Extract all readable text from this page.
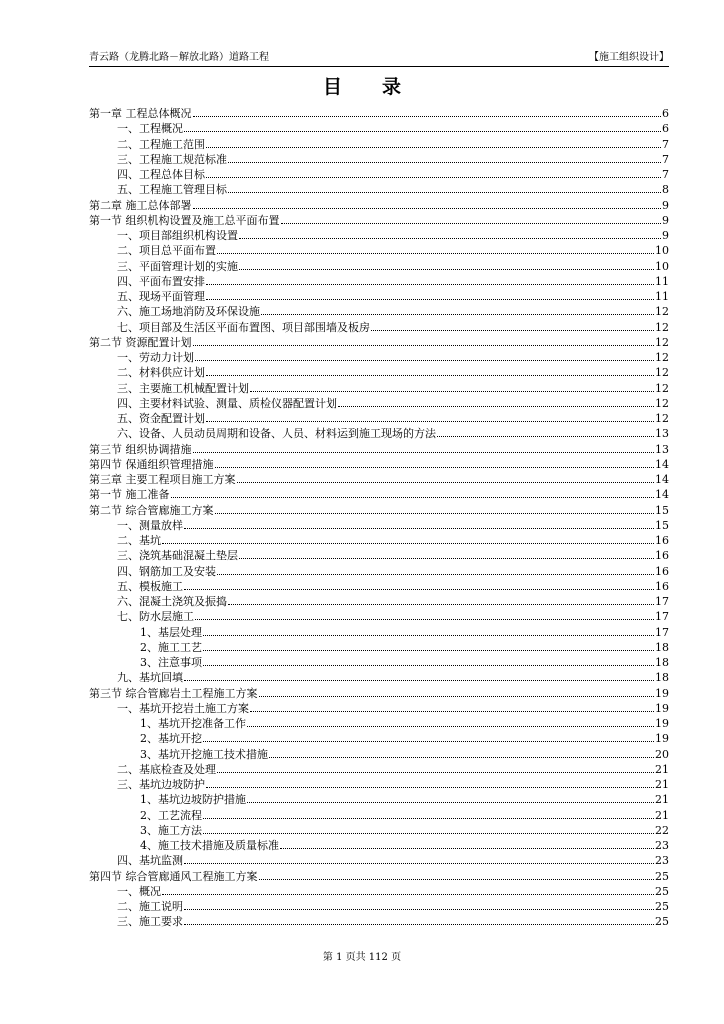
青云路（龙腾北路－解放北路）道路工程	【施工组织设计】
目录
第一章 工程总体概况	6
一、工程概况	6
二、工程施工范围	7
三、工程施工规范标准	7
四、工程总体目标	7
五、工程施工管理目标	8
第二章 施工总体部署	9
第一节 组织机构设置及施工总平面布置	9
一、项目部组织机构设置	9
二、项目总平面布置	10
三、平面管理计划的实施	10
四、平面布置安排	11
五、现场平面管理	11
六、施工场地消防及环保设施	12
七、项目部及生活区平面布置图、项目部围墙及板房	12
第二节 资源配置计划	12
一、劳动力计划	12
二、材料供应计划	12
三、主要施工机械配置计划	12
四、主要材料试验、测量、质检仪器配置计划	12
五、资金配置计划	12
六、设备、人员动员周期和设备、人员、材料运到施工现场的方法	13
第三节 组织协调措施	13
第四节 保通组织管理措施	14
第三章 主要工程项目施工方案	14
第一节 施工准备	14
第二节 综合管廊施工方案	15
一、测量放样	15
二、基坑	16
三、浇筑基础混凝土垫层	16
四、钢筋加工及安装	16
五、模板施工	16
六、混凝土浇筑及振捣	17
七、防水层施工	17
1、基层处理	17
2、施工工艺	18
3、注意事项	18
九、基坑回填	18
第三节 综合管廊岩土工程施工方案	19
一、基坑开挖岩土施工方案	19
1、基坑开挖准备工作	19
2、基坑开挖	19
3、基坑开挖施工技术措施	20
二、基底检查及处理	21
三、基坑边坡防护	21
1、基坑边坡防护措施	21
2、工艺流程	21
3、施工方法	22
4、施工技术措施及质量标准	23
四、基坑监测	23
第四节 综合管廊通风工程施工方案	25
一、概况	25
二、施工说明	25
三、施工要求	25
第 1 页共 112 页
